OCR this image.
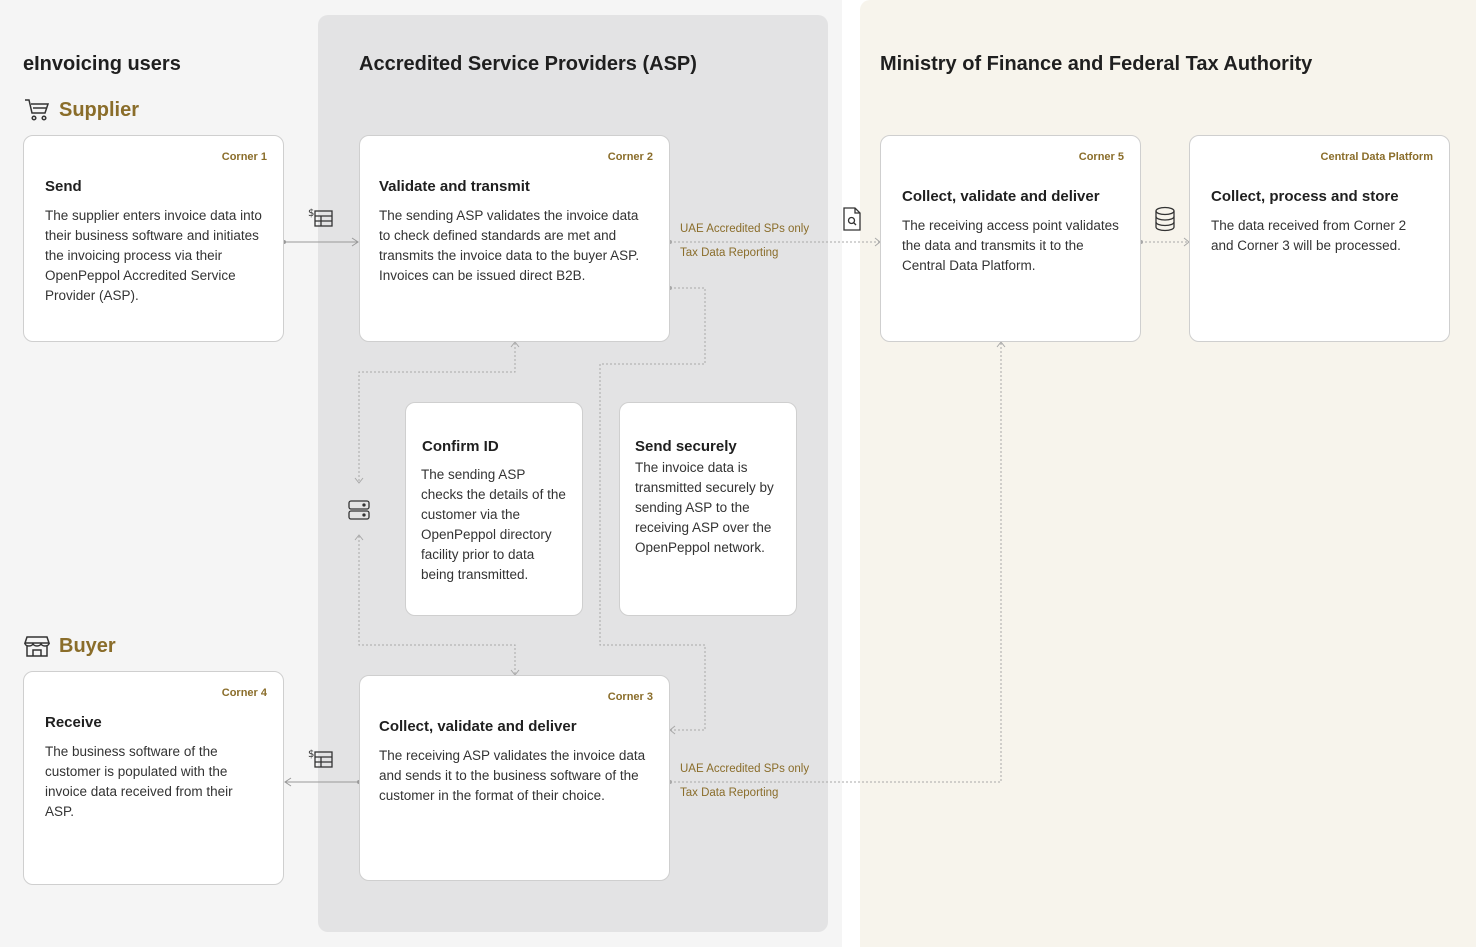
eInvoicing users	Accredited Service Providers (ASP)	Ministry of Finance and Federal Tax Authority
Supplier
Buyer
$
$
UAE Accredited SPs only
Tax Data Reporting
UAE Accredited SPs only
Tax Data Reporting
Corner 1
Send
The supplier enters invoice data into their business software and initiates the invoicing process via their OpenPeppol Accredited Service Provider (ASP).
Corner 2
Validate and transmit
The sending ASP validates the invoice data to check defined standards are met and transmits the invoice data to the buyer ASP. Invoices can be issued direct B2B.
Confirm ID
The sending ASP checks the details of the customer via the OpenPeppol directory facility prior to data being transmitted.
Send securely
The invoice data is transmitted securely by sending ASP to the receiving ASP over the OpenPeppol network.
Corner 4
Receive
The business software of the customer is populated with the invoice data received from their ASP.
Corner 3
Collect, validate and deliver
The receiving ASP validates the invoice data and sends it to the business software of the customer in the format of their choice.
Corner 5
Collect, validate and deliver
The receiving access point validates the data and transmits it to the Central Data Platform.
Central Data Platform
Collect, process and store
The data received from Corner 2 and Corner 3 will be processed.
